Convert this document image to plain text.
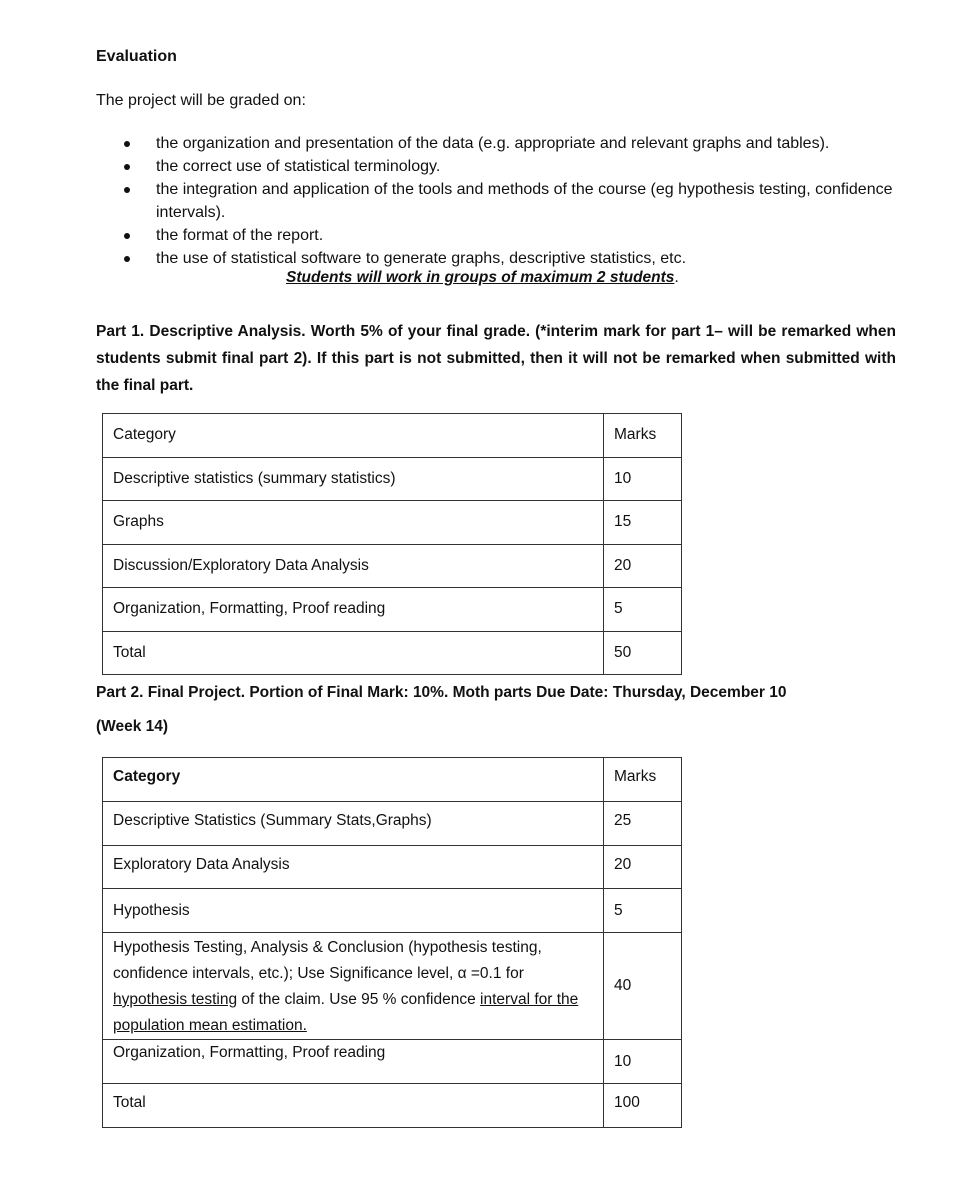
Evaluation
The project will be graded on:
the organization and presentation of the data (e.g. appropriate and relevant graphs and tables).
the correct use of statistical terminology.
the integration and application of the tools and methods of the course (eg hypothesis testing, confidence intervals).
the format of the report.
the use of statistical software to generate graphs, descriptive statistics, etc.
Students will work in groups of maximum 2 students.
Part 1. Descriptive Analysis. Worth 5% of your final grade. (*interim mark for part 1– will be remarked when students submit final part 2). If this part is not submitted, then it will not be remarked when submitted with the final part.
Category	Marks
Descriptive statistics (summary statistics)	10
Graphs	15
Discussion/Exploratory Data Analysis	20
Organization, Formatting, Proof reading	5
Total	50
Part 2. Final Project. Portion of Final Mark: 10%. Moth parts Due Date: Thursday, December 10
(Week 14)
Category	Marks
Descriptive Statistics (Summary Stats,Graphs)	25
Exploratory Data Analysis	20
Hypothesis	5
Hypothesis Testing, Analysis & Conclusion (hypothesis testing, confidence intervals, etc.); Use Significance level, α =0.1 for hypothesis testing of the claim. Use 95 % confidence interval for the population mean estimation.	40
Organization, Formatting, Proof reading	10
Total	100
